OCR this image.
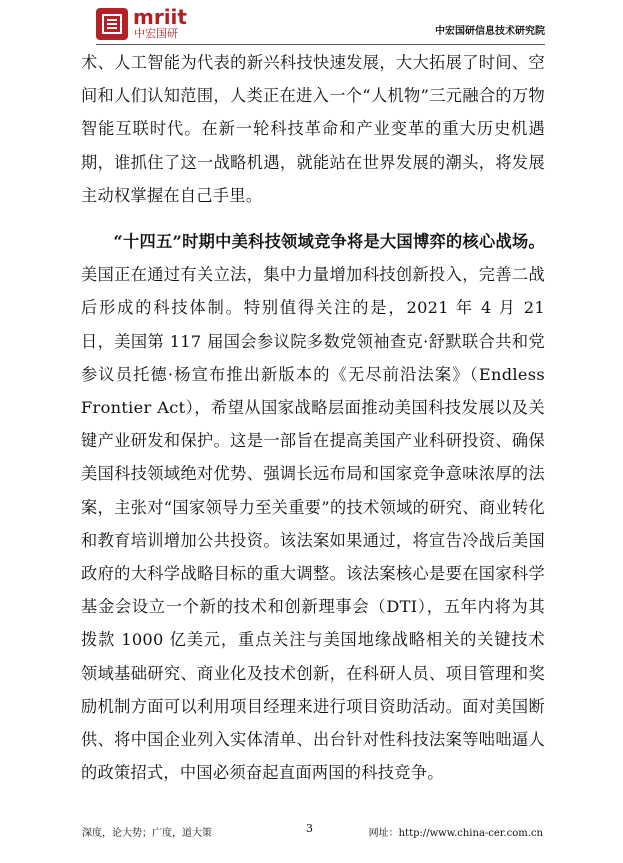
mriit
中宏国研	中宏国研信息技术研究院

术、人工智能为代表的新兴科技快速发展，大大拓展了时间、空间和人们认知范围，人类正在进入一个“人机物”三元融合的万物智能互联时代。在新一轮科技革命和产业变革的重大历史机遇期，谁抓住了这一战略机遇，就能站在世界发展的潮头，将发展主动权掌握在自己手里。

“十四五”时期中美科技领域竞争将是大国博弈的核心战场。美国正在通过有关立法，集中力量增加科技创新投入，完善二战后形成的科技体制。特别值得关注的是，2021 年 4 月 21 日，美国第 117 届国会参议院多数党领袖查克·舒默联合共和党参议员托德·杨宣布推出新版本的《无尽前沿法案》（Endless Frontier Act），希望从国家战略层面推动美国科技发展以及关键产业研发和保护。这是一部旨在提高美国产业科研投资、确保美国科技领域绝对优势、强调长远布局和国家竞争意味浓厚的法案，主张对“国家领导力至关重要”的技术领域的研究、商业转化和教育培训增加公共投资。该法案如果通过，将宣告冷战后美国政府的大科学战略目标的重大调整。该法案核心是要在国家科学基金会设立一个新的技术和创新理事会（DTI），五年内将为其拨款 1000 亿美元，重点关注与美国地缘战略相关的关键技术领域基础研究、商业化及技术创新，在科研人员、项目管理和奖励机制方面可以利用项目经理来进行项目资助活动。面对美国断供、将中国企业列入实体清单、出台针对性科技法案等咄咄逼人的政策招式，中国必须奋起直面两国的科技竞争。

深度，论大势；广度，道大策	3	网址：http://www.china-cer.com.cn
